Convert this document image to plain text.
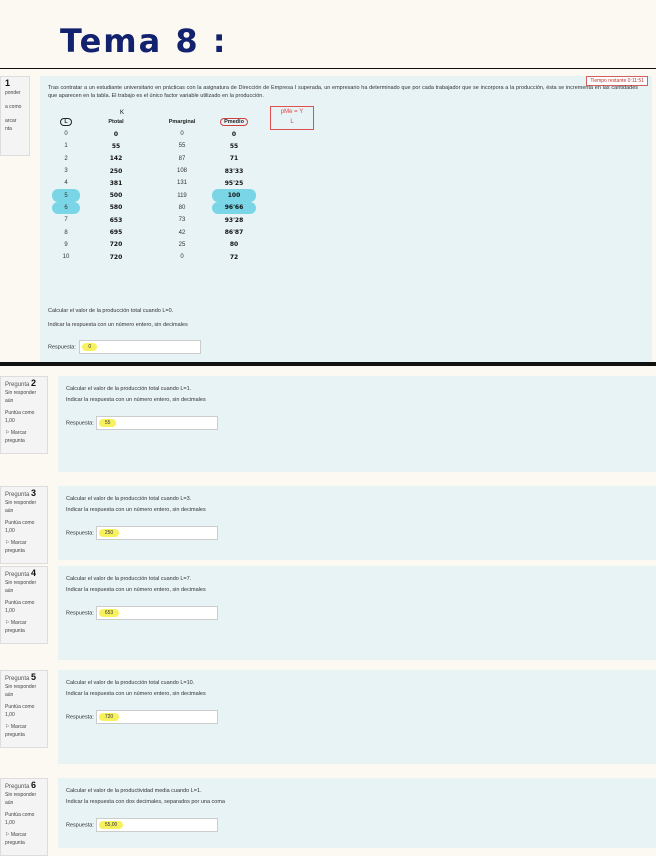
Tema 8 :
1
ponder
a como
arcar
nta
Tiempo restante 0:11:51
Tras contratar a un estudiante universitario en prácticas con la asignatura de Dirección de Empresa I superada, un empresario ha determinado que por cada trabajador que se incorpora a la producción, ésta se incrementa en las cantidades que aparecen en la tabla. El trabajo es el único factor variable utilizado en la producción.
pMe = Y
L
K
L	Ptotal	Pmarginal	Pmedio
0	0	0	0
1	55	55	55
2	142	87	71
3	250	108	83'33
4	381	131	95'25
5	500	119	100
6	580	80	96'66
7	653	73	93'28
8	695	42	86'87
9	720	25	80
10	720	0	72
Calcular el valor de la producción total cuando L=0.
Indicar la respuesta con un número entero, sin decimales
Respuesta:	0
Pregunta 2
Sin responder aún
Puntúa como 1,00
⚐ Marcar pregunta
Calcular el valor de la producción total cuando L=1.
Indicar la respuesta con un número entero, sin decimales
Respuesta:	55
Pregunta 3
Sin responder aún
Puntúa como 1,00
⚐ Marcar pregunta
Calcular el valor de la producción total cuando L=3.
Indicar la respuesta con un número entero, sin decimales
Respuesta:	250
Pregunta 4
Sin responder aún
Puntúa como 1,00
⚐ Marcar pregunta
Calcular el valor de la producción total cuando L=7.
Indicar la respuesta con un número entero, sin decimales
Respuesta:	653
Pregunta 5
Sin responder aún
Puntúa como 1,00
⚐ Marcar pregunta
Calcular el valor de la producción total cuando L=10.
Indicar la respuesta con un número entero, sin decimales
Respuesta:	720
Pregunta 6
Sin responder aún
Puntúa como 1,00
⚐ Marcar pregunta
Calcular el valor de la productividad media cuando L=1.
Indicar la respuesta con dos decimales, separados por una coma
Respuesta:	55,00
